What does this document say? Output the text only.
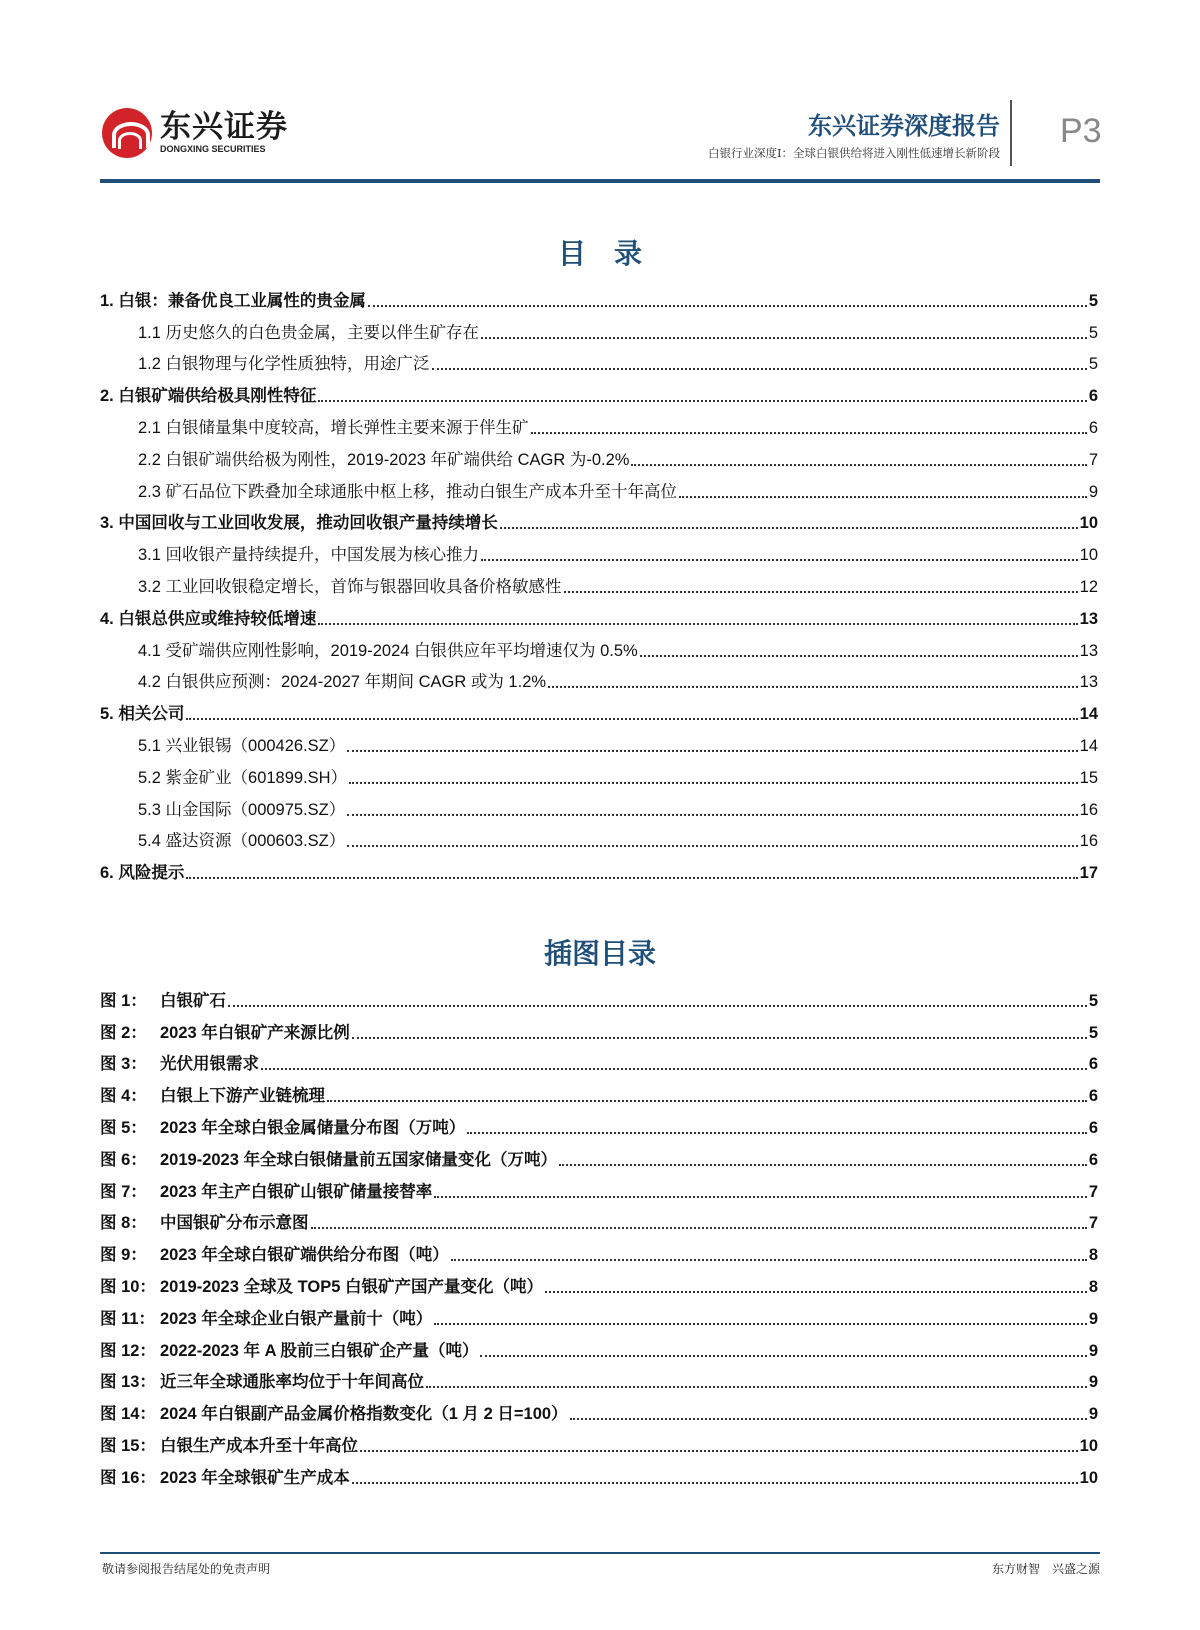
东兴证券
DONGXING SECURITIES
东兴证券深度报告
白银行业深度Ⅰ：全球白银供给将进入刚性低速增长新阶段
P3
目　录
1. 白银：兼备优良工业属性的贵金属	5
1.1 历史悠久的白色贵金属，主要以伴生矿存在	5
1.2 白银物理与化学性质独特，用途广泛	5
2. 白银矿端供给极具刚性特征	6
2.1 白银储量集中度较高，增长弹性主要来源于伴生矿	6
2.2 白银矿端供给极为刚性，2019-2023 年矿端供给 CAGR 为-0.2%	7
2.3 矿石品位下跌叠加全球通胀中枢上移，推动白银生产成本升至十年高位	9
3. 中国回收与工业回收发展，推动回收银产量持续增长	10
3.1 回收银产量持续提升，中国发展为核心推力	10
3.2 工业回收银稳定增长，首饰与银器回收具备价格敏感性	12
4. 白银总供应或维持较低增速	13
4.1 受矿端供应刚性影响，2019-2024 白银供应年平均增速仅为 0.5%	13
4.2 白银供应预测：2024-2027 年期间 CAGR 或为 1.2%	13
5. 相关公司	14
5.1 兴业银锡（000426.SZ）	14
5.2 紫金矿业（601899.SH）	15
5.3 山金国际（000975.SZ）	16
5.4 盛达资源（000603.SZ）	16
6. 风险提示	17
插图目录
图 1： 白银矿石	5
图 2： 2023 年白银矿产来源比例	5
图 3： 光伏用银需求	6
图 4： 白银上下游产业链梳理	6
图 5： 2023 年全球白银金属储量分布图（万吨）	6
图 6： 2019-2023 年全球白银储量前五国家储量变化（万吨）	6
图 7： 2023 年主产白银矿山银矿储量接替率	7
图 8： 中国银矿分布示意图	7
图 9： 2023 年全球白银矿端供给分布图（吨）	8
图 10： 2019-2023 全球及 TOP5 白银矿产国产量变化（吨）	8
图 11： 2023 年全球企业白银产量前十（吨）	9
图 12： 2022-2023 年 A 股前三白银矿企产量（吨）	9
图 13： 近三年全球通胀率均位于十年间高位	9
图 14： 2024 年白银副产品金属价格指数变化（1 月 2 日=100）	9
图 15： 白银生产成本升至十年高位	10
图 16： 2023 年全球银矿生产成本	10
敬请参阅报告结尾处的免责声明	东方财智　兴盛之源
